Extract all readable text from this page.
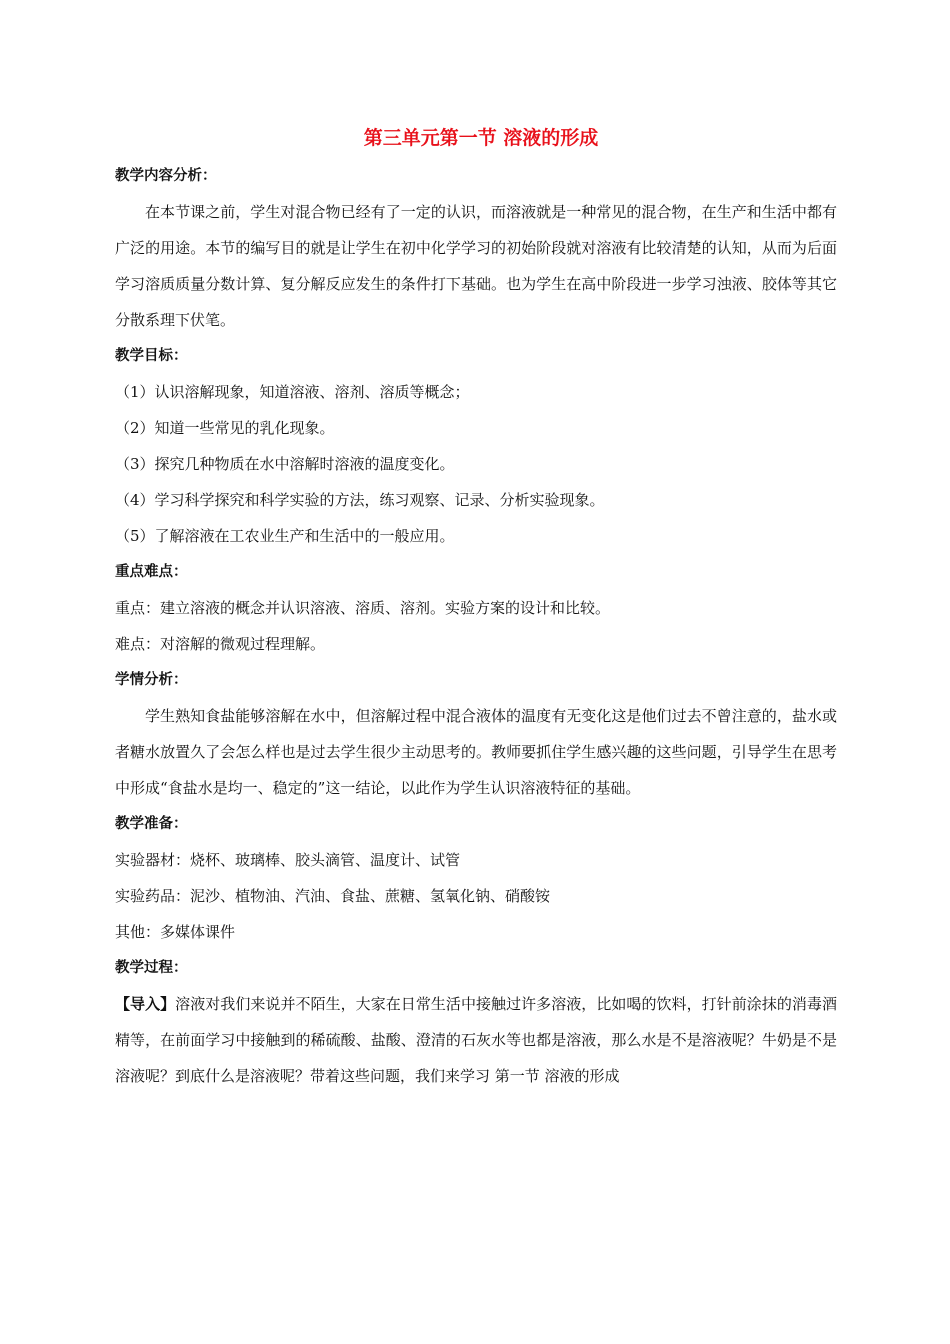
第三单元第一节 溶液的形成

教学内容分析：

在本节课之前，学生对混合物已经有了一定的认识，而溶液就是一种常见的混合物，在生产和生活中都有广泛的用途。本节的编写目的就是让学生在初中化学学习的初始阶段就对溶液有比较清楚的认知，从而为后面学习溶质质量分数计算、复分解反应发生的条件打下基础。也为学生在高中阶段进一步学习浊液、胶体等其它分散系理下伏笔。

教学目标：

（1）认识溶解现象，知道溶液、溶剂、溶质等概念；

（2）知道一些常见的乳化现象。

（3）探究几种物质在水中溶解时溶液的温度变化。

（4）学习科学探究和科学实验的方法，练习观察、记录、分析实验现象。

（5）了解溶液在工农业生产和生活中的一般应用。

重点难点：

重点：建立溶液的概念并认识溶液、溶质、溶剂。实验方案的设计和比较。

难点：对溶解的微观过程理解。

学情分析：

学生熟知食盐能够溶解在水中，但溶解过程中混合液体的温度有无变化这是他们过去不曾注意的，盐水或者糖水放置久了会怎么样也是过去学生很少主动思考的。教师要抓住学生感兴趣的这些问题，引导学生在思考中形成“食盐水是均一、稳定的”这一结论，以此作为学生认识溶液特征的基础。

教学准备：

实验器材：烧杯、玻璃棒、胶头滴管、温度计、试管

实验药品：泥沙、植物油、汽油、食盐、蔗糖、氢氧化钠、硝酸铵

其他：多媒体课件

教学过程：

【导入】溶液对我们来说并不陌生，大家在日常生活中接触过许多溶液，比如喝的饮料，打针前涂抹的消毒酒精等，在前面学习中接触到的稀硫酸、盐酸、澄清的石灰水等也都是溶液，那么水是不是溶液呢？牛奶是不是溶液呢？到底什么是溶液呢？带着这些问题，我们来学习 第一节 溶液的形成
